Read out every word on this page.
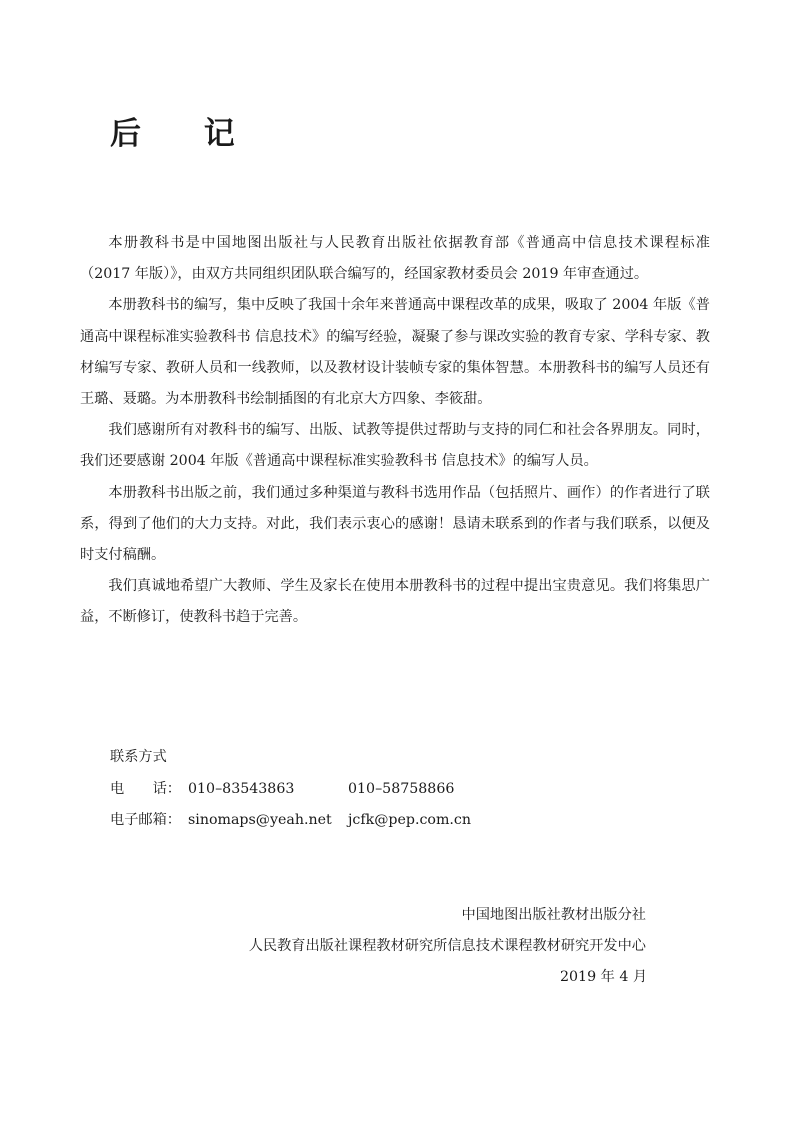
后 记

本册教科书是中国地图出版社与人民教育出版社依据教育部《普通高中信息技术课程标准（2017 年版）》，由双方共同组织团队联合编写的，经国家教材委员会 2019 年审查通过。

本册教科书的编写，集中反映了我国十余年来普通高中课程改革的成果，吸取了 2004 年版《普通高中课程标准实验教科书 信息技术》的编写经验，凝聚了参与课改实验的教育专家、学科专家、教材编写专家、教研人员和一线教师，以及教材设计装帧专家的集体智慧。本册教科书的编写人员还有王璐、聂璐。为本册教科书绘制插图的有北京大方四象、李筱甜。

我们感谢所有对教科书的编写、出版、试教等提供过帮助与支持的同仁和社会各界朋友。同时，我们还要感谢 2004 年版《普通高中课程标准实验教科书 信息技术》的编写人员。

本册教科书出版之前，我们通过多种渠道与教科书选用作品（包括照片、画作）的作者进行了联系，得到了他们的大力支持。对此，我们表示衷心的感谢！恳请未联系到的作者与我们联系，以便及时支付稿酬。

我们真诚地希望广大教师、学生及家长在使用本册教科书的过程中提出宝贵意见。我们将集思广益，不断修订，使教科书趋于完善。

联系方式
电　　话： 010–83543863	010–58758866
电子邮箱： sinomaps@yeah.net jcfk@pep.com.cn
中国地图出版社教材出版分社
人民教育出版社课程教材研究所信息技术课程教材研究开发中心
2019 年 4 月
